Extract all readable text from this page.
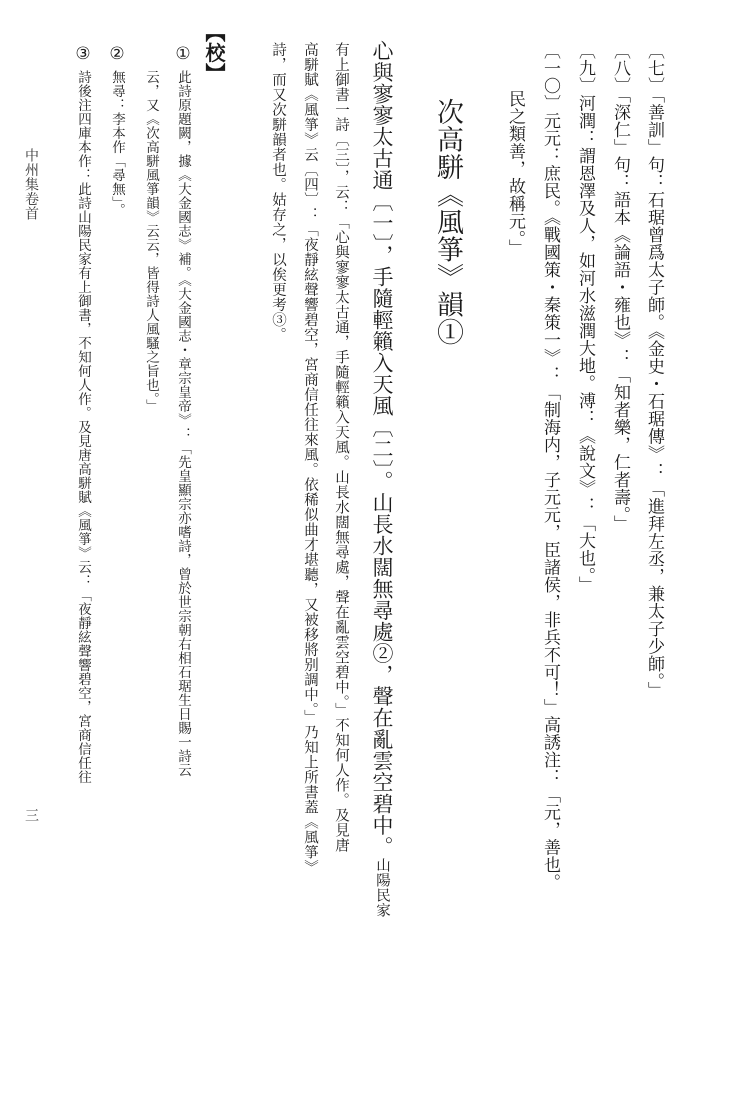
〔七〕「善訓」句：石琚曾爲太子師。《金史・石琚傳》：「進拜左丞，兼太子少師。」
〔八〕「深仁」句：語本《論語・雍也》：「知者樂，仁者壽。」
〔九〕河潤：謂恩澤及人，如河水滋潤大地。溥：《說文》：「大也。」
〔一〇〕元元：庶民。《戰國策・秦策一》：「制海内，子元元，臣諸侯，非兵不可！」高誘注：「元，善也。
民之類善，故稱元。」
次高駢《風箏》韻①
心與寥寥太古通〔一〕，手隨輕籟入天風〔二〕。山長水闊無尋處②，聲在亂雲空碧中。山陽民家
有上御書一詩〔三〕，云：「心與寥寥太古通，手隨輕籟入天風。山長水闊無尋處，聲在亂雲空碧中。」不知何人作。及見唐
高駢賦《風箏》云〔四〕：「夜靜絃聲響碧空，宮商信任往來風。依稀似曲才堪聽，又被移將别調中。」乃知上所書蓋《風箏》
詩，而又次駢韻者也。姑存之，以俟更考③。
【校】
①
此詩原題闕，據《大金國志》補。《大金國志・章宗皇帝》：「先皇顯宗亦嗜詩，曾於世宗朝右相石琚生日賜一詩云
云，又《次高駢風箏韻》云云，皆得詩人風騷之旨也。」
②
無尋：李本作「尋無」。
③
詩後注四庫本作：此詩山陽民家有上御書，不知何人作。及見唐高駢賦《風箏》云：「夜靜絃聲響碧空，宮商信任往
中州集卷首
三
